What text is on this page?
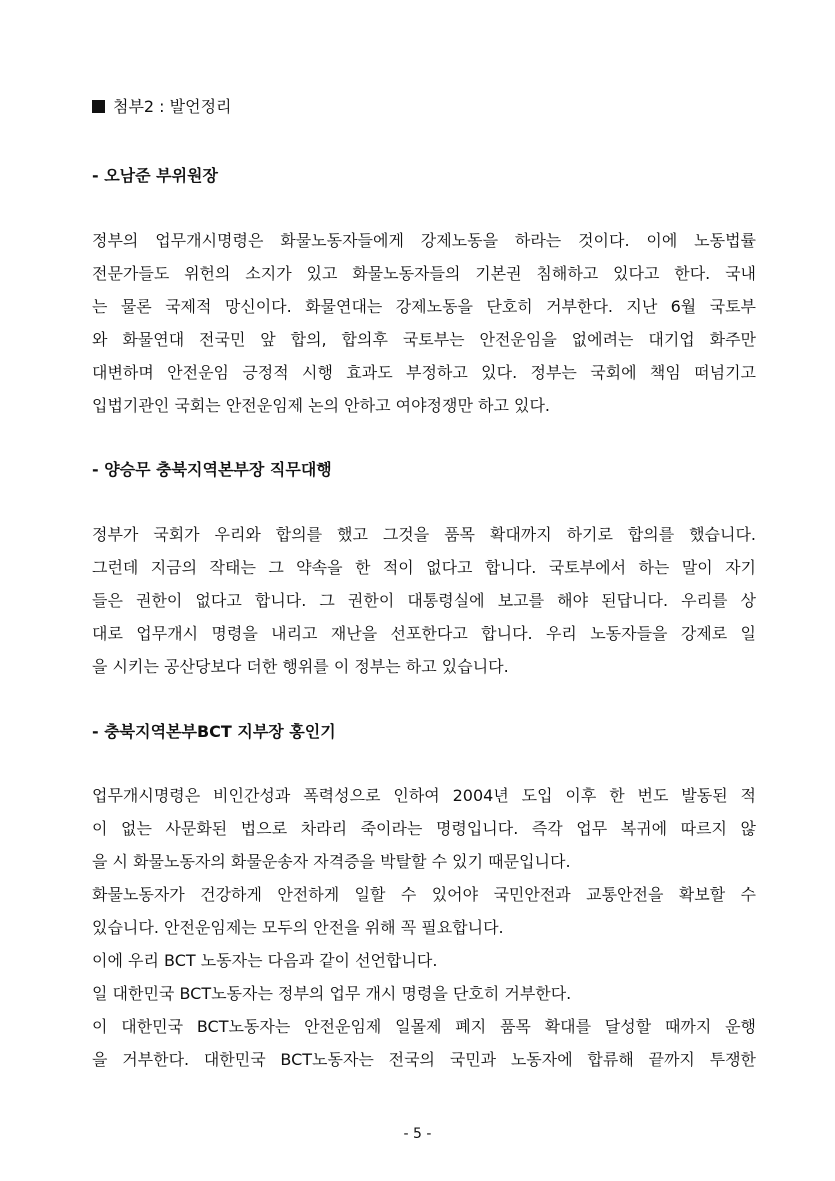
첨부2 : 발언정리
- 오남준 부위원장
정부의 업무개시명령은 화물노동자들에게 강제노동을 하라는 것이다. 이에 노동법률
전문가들도 위헌의 소지가 있고 화물노동자들의 기본권 침해하고 있다고 한다. 국내
는 물론 국제적 망신이다. 화물연대는 강제노동을 단호히 거부한다. 지난 6월 국토부
와 화물연대 전국민 앞 합의, 합의후 국토부는 안전운임을 없에려는 대기업 화주만
대변하며 안전운임 긍정적 시행 효과도 부정하고 있다. 정부는 국회에 책임 떠넘기고
입법기관인 국회는 안전운임제 논의 안하고 여야정쟁만 하고 있다.
- 양승무 충북지역본부장 직무대행
정부가 국회가 우리와 합의를 했고 그것을 품목 확대까지 하기로 합의를 했습니다.
그런데 지금의 작태는 그 약속을 한 적이 없다고 합니다. 국토부에서 하는 말이 자기
들은 권한이 없다고 합니다. 그 권한이 대통령실에 보고를 해야 된답니다. 우리를 상
대로 업무개시 명령을 내리고 재난을 선포한다고 합니다. 우리 노동자들을 강제로 일
을 시키는 공산당보다 더한 행위를 이 정부는 하고 있습니다.
- 충북지역본부BCT 지부장 홍인기
업무개시명령은 비인간성과 폭력성으로 인하여 2004년 도입 이후 한 번도 발동된 적
이 없는 사문화된 법으로 차라리 죽이라는 명령입니다. 즉각 업무 복귀에 따르지 않
을 시 화물노동자의 화물운송자 자격증을 박탈할 수 있기 때문입니다.
화물노동자가 건강하게 안전하게 일할 수 있어야 국민안전과 교통안전을 확보할 수
있습니다. 안전운임제는 모두의 안전을 위해 꼭 필요합니다.
이에 우리 BCT 노동자는 다음과 같이 선언합니다.
일 대한민국 BCT노동자는 정부의 업무 개시 명령을 단호히 거부한다.
이 대한민국 BCT노동자는 안전운임제 일몰제 폐지 품목 확대를 달성할 때까지 운행
을 거부한다. 대한민국 BCT노동자는 전국의 국민과 노동자에 합류해 끝까지 투쟁한
- 5 -
